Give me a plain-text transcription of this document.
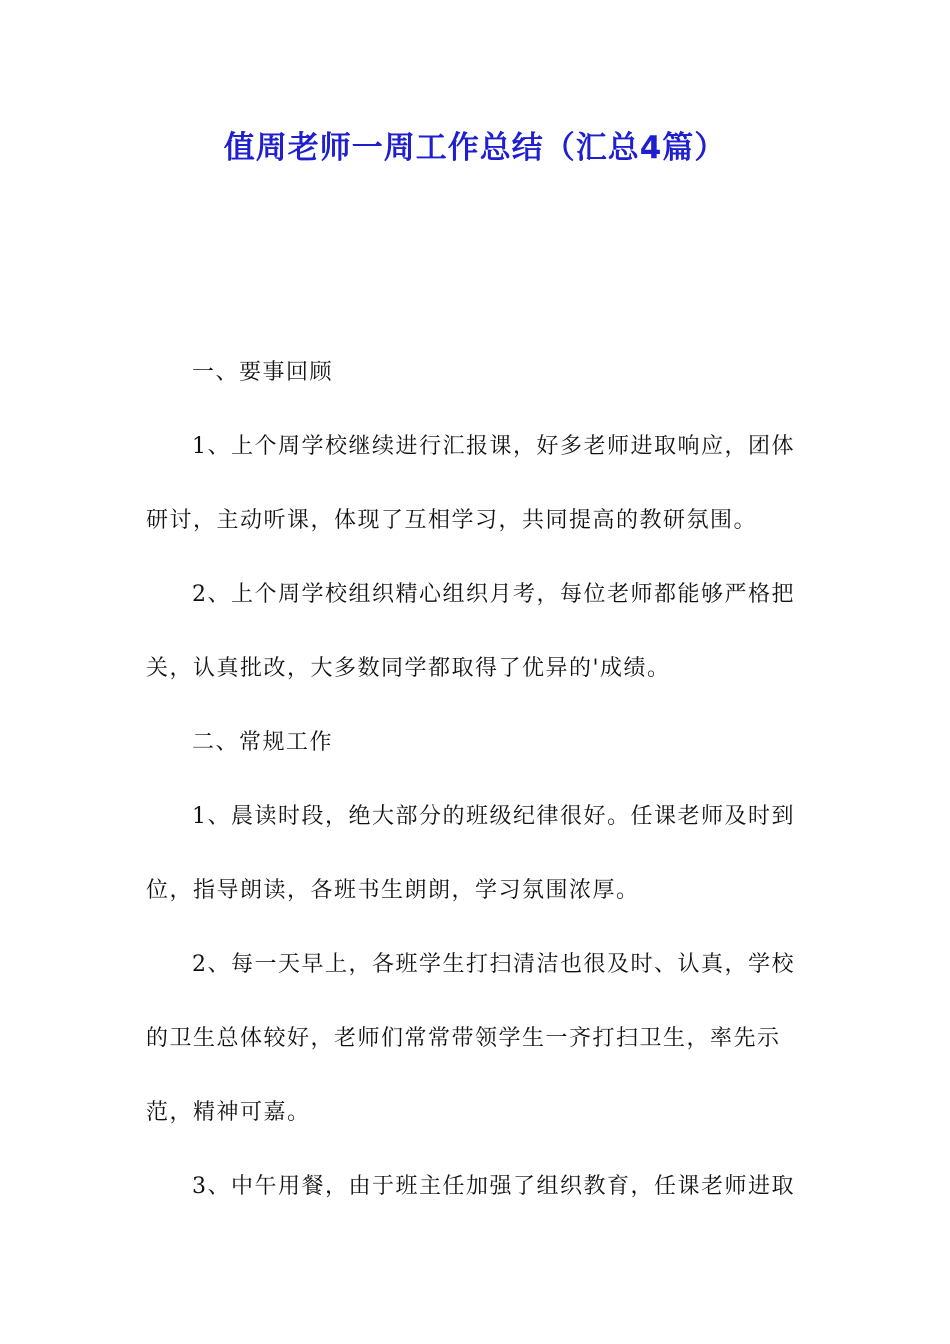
值周老师一周工作总结（汇总4篇）

一、要事回顾

1、上个周学校继续进行汇报课，好多老师进取响应，团体研讨，主动听课，体现了互相学习，共同提高的教研氛围。

2、上个周学校组织精心组织月考，每位老师都能够严格把关，认真批改，大多数同学都取得了优异的'成绩。

二、常规工作

1、晨读时段，绝大部分的班级纪律很好。任课老师及时到位，指导朗读，各班书生朗朗，学习氛围浓厚。

2、每一天早上，各班学生打扫清洁也很及时、认真，学校的卫生总体较好，老师们常常带领学生一齐打扫卫生，率先示范，精神可嘉。

3、中午用餐，由于班主任加强了组织教育，任课老师进取
